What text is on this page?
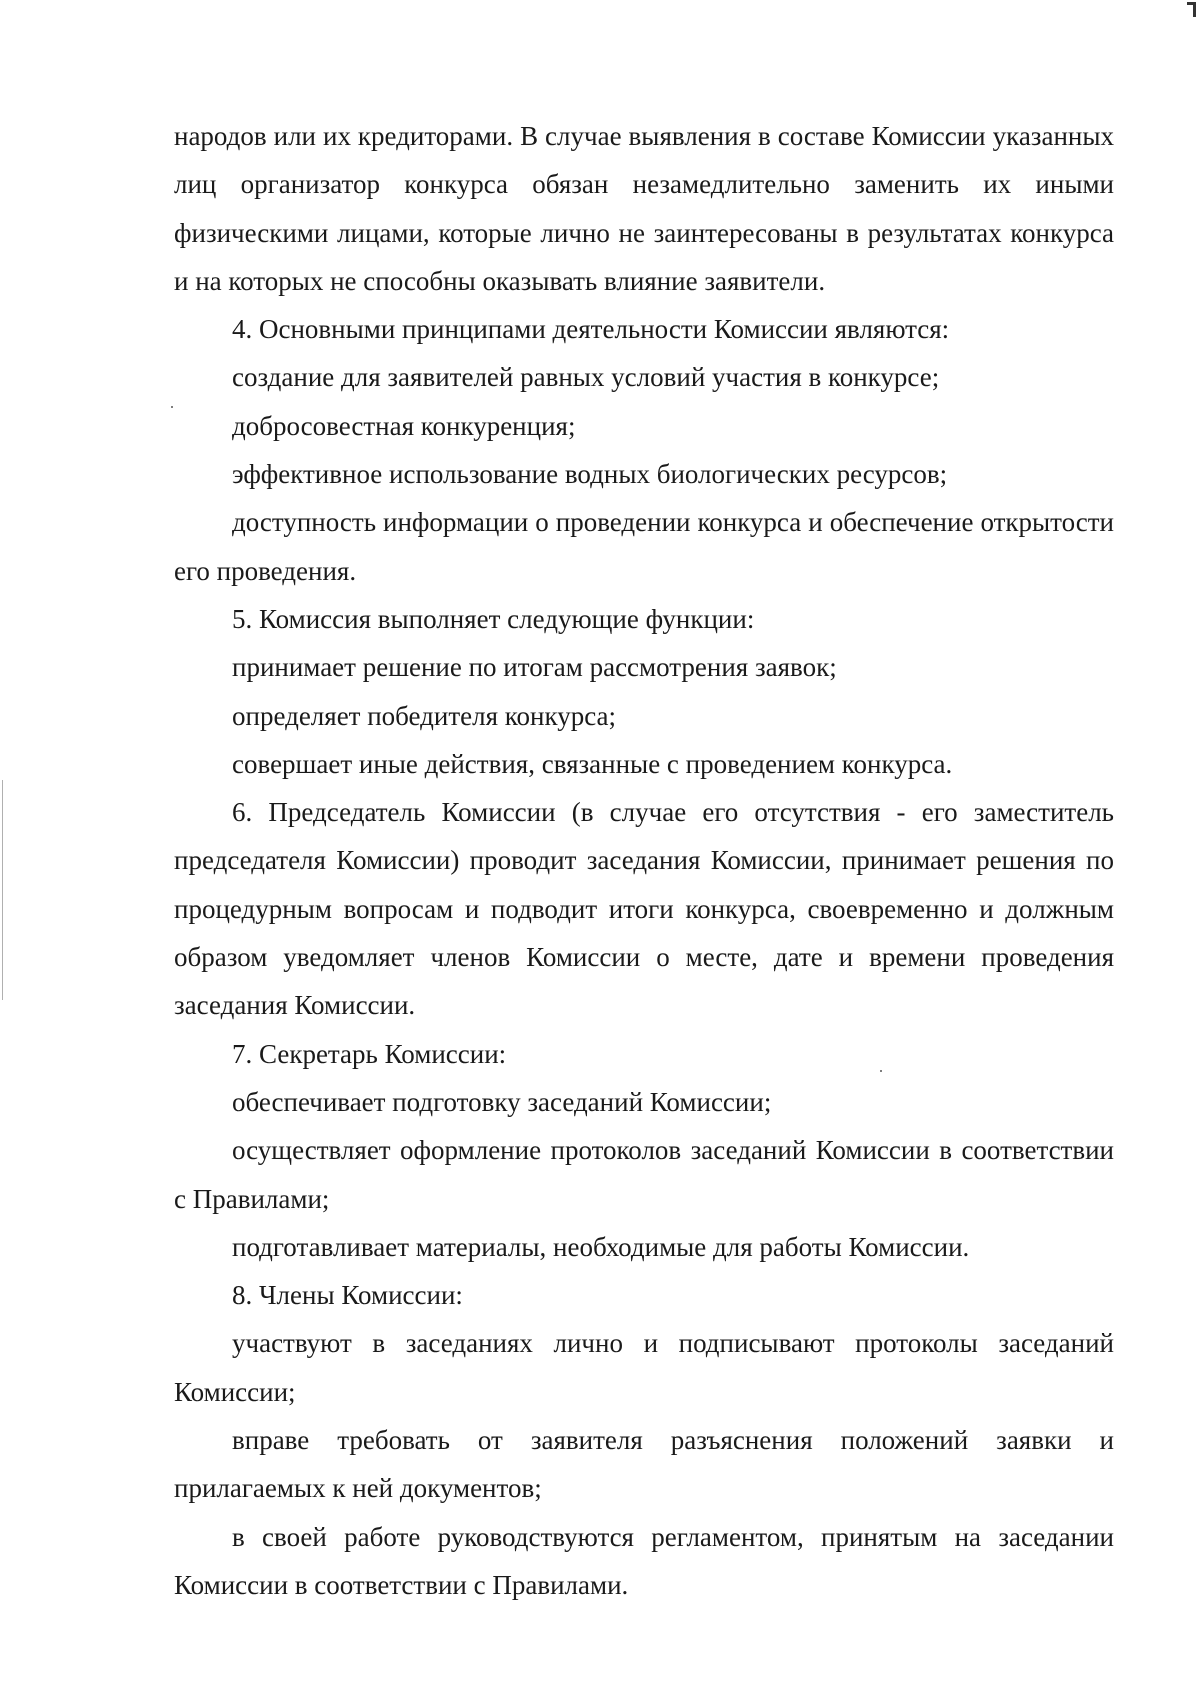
народов или их кредиторами. В случае выявления в составе Комиссии указанных лиц организатор конкурса обязан незамедлительно заменить их иными физическими лицами, которые лично не заинтересованы в результатах конкурса и на которых не способны оказывать влияние заявители.

4. Основными принципами деятельности Комиссии являются:

создание для заявителей равных условий участия в конкурсе;

добросовестная конкуренция;

эффективное использование водных биологических ресурсов;

доступность информации о проведении конкурса и обеспечение открытости его проведения.

5. Комиссия выполняет следующие функции:

принимает решение по итогам рассмотрения заявок;

определяет победителя конкурса;

совершает иные действия, связанные с проведением конкурса.

6. Председатель Комиссии (в случае его отсутствия - его заместитель председателя Комиссии) проводит заседания Комиссии, принимает решения по процедурным вопросам и подводит итоги конкурса, своевременно и должным образом уведомляет членов Комиссии о месте, дате и времени проведения заседания Комиссии.

7. Секретарь Комиссии:

обеспечивает подготовку заседаний Комиссии;

осуществляет оформление протоколов заседаний Комиссии в соответствии с Правилами;

подготавливает материалы, необходимые для работы Комиссии.

8. Члены Комиссии:

участвуют в заседаниях лично и подписывают протоколы заседаний Комиссии;

вправе требовать от заявителя разъяснения положений заявки и прилагаемых к ней документов;

в своей работе руководствуются регламентом, принятым на заседании Комиссии в соответствии с Правилами.
